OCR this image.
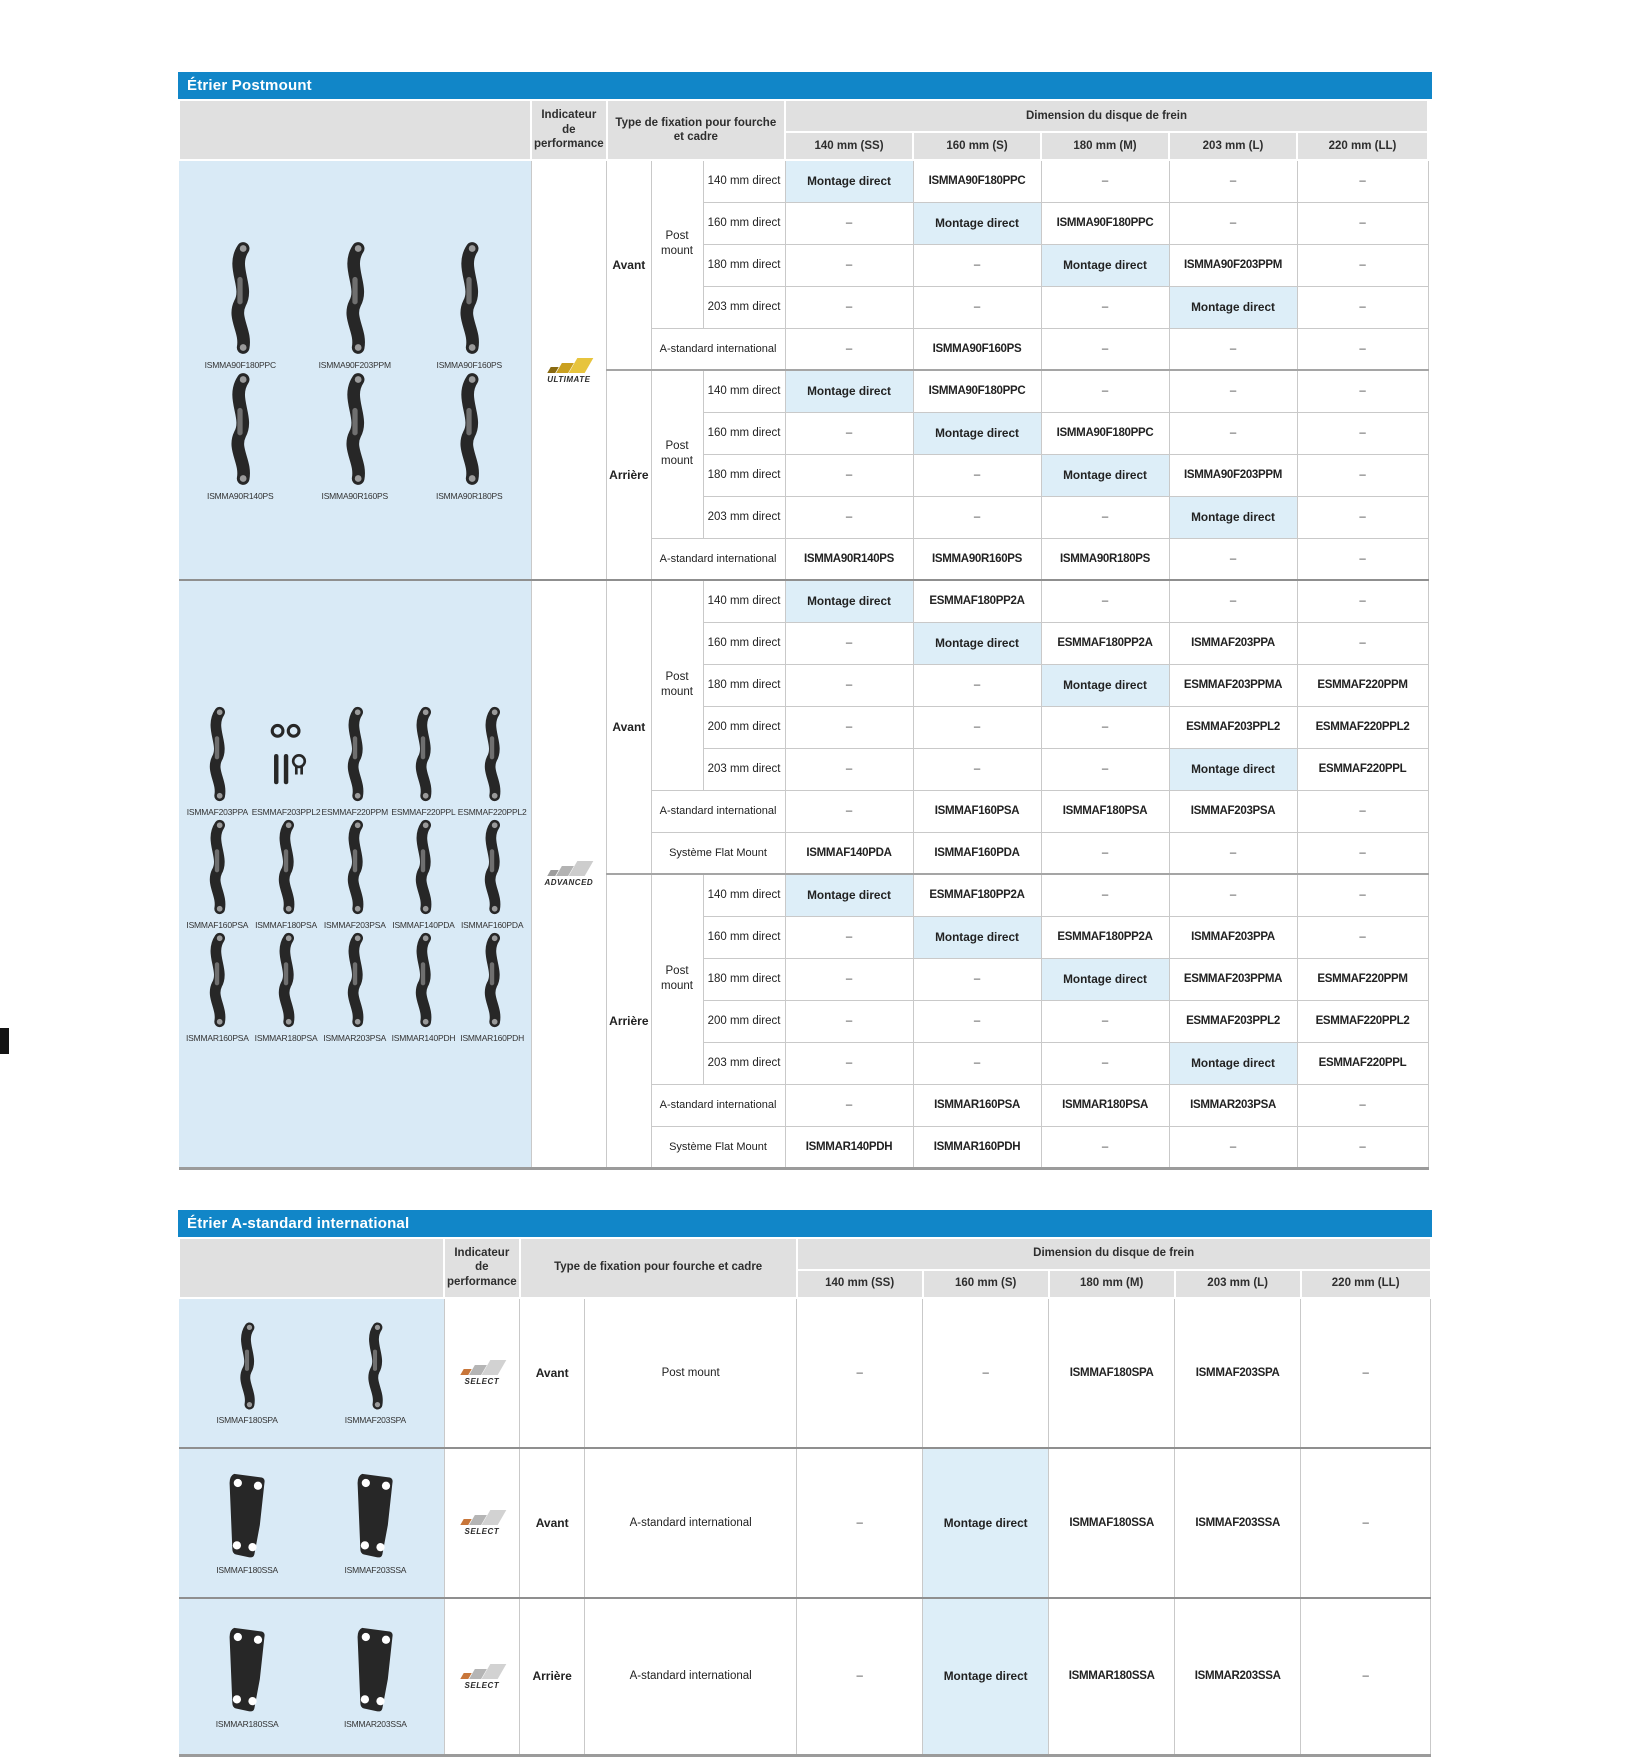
Étrier Postmount
	Indicateur de performance	Type de fixation pour fourche et cadre			Dimension du disque de frein				
					140 mm (SS)	160 mm (S)	180 mm (M)	203 mm (L)	220 mm (LL)

ISMMA90F180PPC	ISMMA90F203PPM	ISMMA90F160PS
ISMMA90R140PS	ISMMA90R160PS	ISMMA90R180PS

ULTIMATE
	Avant	Post mount	140 mm direct	Montage direct	ISMMA90F180PPC	–	–	–
				160 mm direct	–	Montage direct	ISMMA90F180PPC	–	–
				180 mm direct	–	–	Montage direct	ISMMA90F203PPM	–
				203 mm direct	–	–	–	Montage direct	–
			A-standard international		–	ISMMA90F160PS	–	–	–
		Arrière	Post mount	140 mm direct	Montage direct	ISMMA90F180PPC	–	–	–
				160 mm direct	–	Montage direct	ISMMA90F180PPC	–	–
				180 mm direct	–	–	Montage direct	ISMMA90F203PPM	–
				203 mm direct	–	–	–	Montage direct	–
			A-standard international		ISMMA90R140PS	ISMMA90R160PS	ISMMA90R180PS	–	–

ISMMAF203PPA ESMMAF203PPL2 ESMMAF220PPM ESMMAF220PPL ESMMAF220PPL2
ISMMAF160PSA ISMMAF180PSA ISMMAF203PSA ISMMAF140PDA ISMMAF160PDA
ISMMAR160PSA ISMMAR180PSA ISMMAR203PSA ISMMAR140PDH ISMMAR160PDH

ADVANCED
	Avant	Post mount	140 mm direct	Montage direct	ESMMAF180PP2A	–	–	–
				160 mm direct	–	Montage direct	ESMMAF180PP2A	ISMMAF203PPA	–
				180 mm direct	–	–	Montage direct	ESMMAF203PPMA	ESMMAF220PPM
				200 mm direct	–	–	–	ESMMAF203PPL2	ESMMAF220PPL2
				203 mm direct	–	–	–	Montage direct	ESMMAF220PPL
			A-standard international		–	ISMMAF160PSA	ISMMAF180PSA	ISMMAF203PSA	–
			Système Flat Mount		ISMMAF140PDA	ISMMAF160PDA	–	–	–
		Arrière	Post mount	140 mm direct	Montage direct	ESMMAF180PP2A	–	–	–
				160 mm direct	–	Montage direct	ESMMAF180PP2A	ISMMAF203PPA	–
				180 mm direct	–	–	Montage direct	ESMMAF203PPMA	ESMMAF220PPM
				200 mm direct	–	–	–	ESMMAF203PPL2	ESMMAF220PPL2
				203 mm direct	–	–	–	Montage direct	ESMMAF220PPL
			A-standard international		–	ISMMAR160PSA	ISMMAR180PSA	ISMMAR203PSA	–
			Système Flat Mount		ISMMAR140PDH	ISMMAR160PDH	–	–	–
Étrier A-standard international
	Indicateur de performance	Type de fixation pour fourche et cadre		Dimension du disque de frein				
				140 mm (SS)	160 mm (S)	180 mm (M)	203 mm (L)	220 mm (LL)

ISMMAF180SPA ISMMAF203SPA	SELECT	Avant	Post mount	–	–	ISMMAF180SPA	ISMMAF203SPA	–

ISMMAF180SSA ISMMAF203SSA	SELECT	Avant	A-standard international	–	Montage direct	ISMMAF180SSA	ISMMAF203SSA	–

ISMMAR180SSA ISMMAR203SSA	SELECT	Arrière	A-standard international	–	Montage direct	ISMMAR180SSA	ISMMAR203SSA	–
